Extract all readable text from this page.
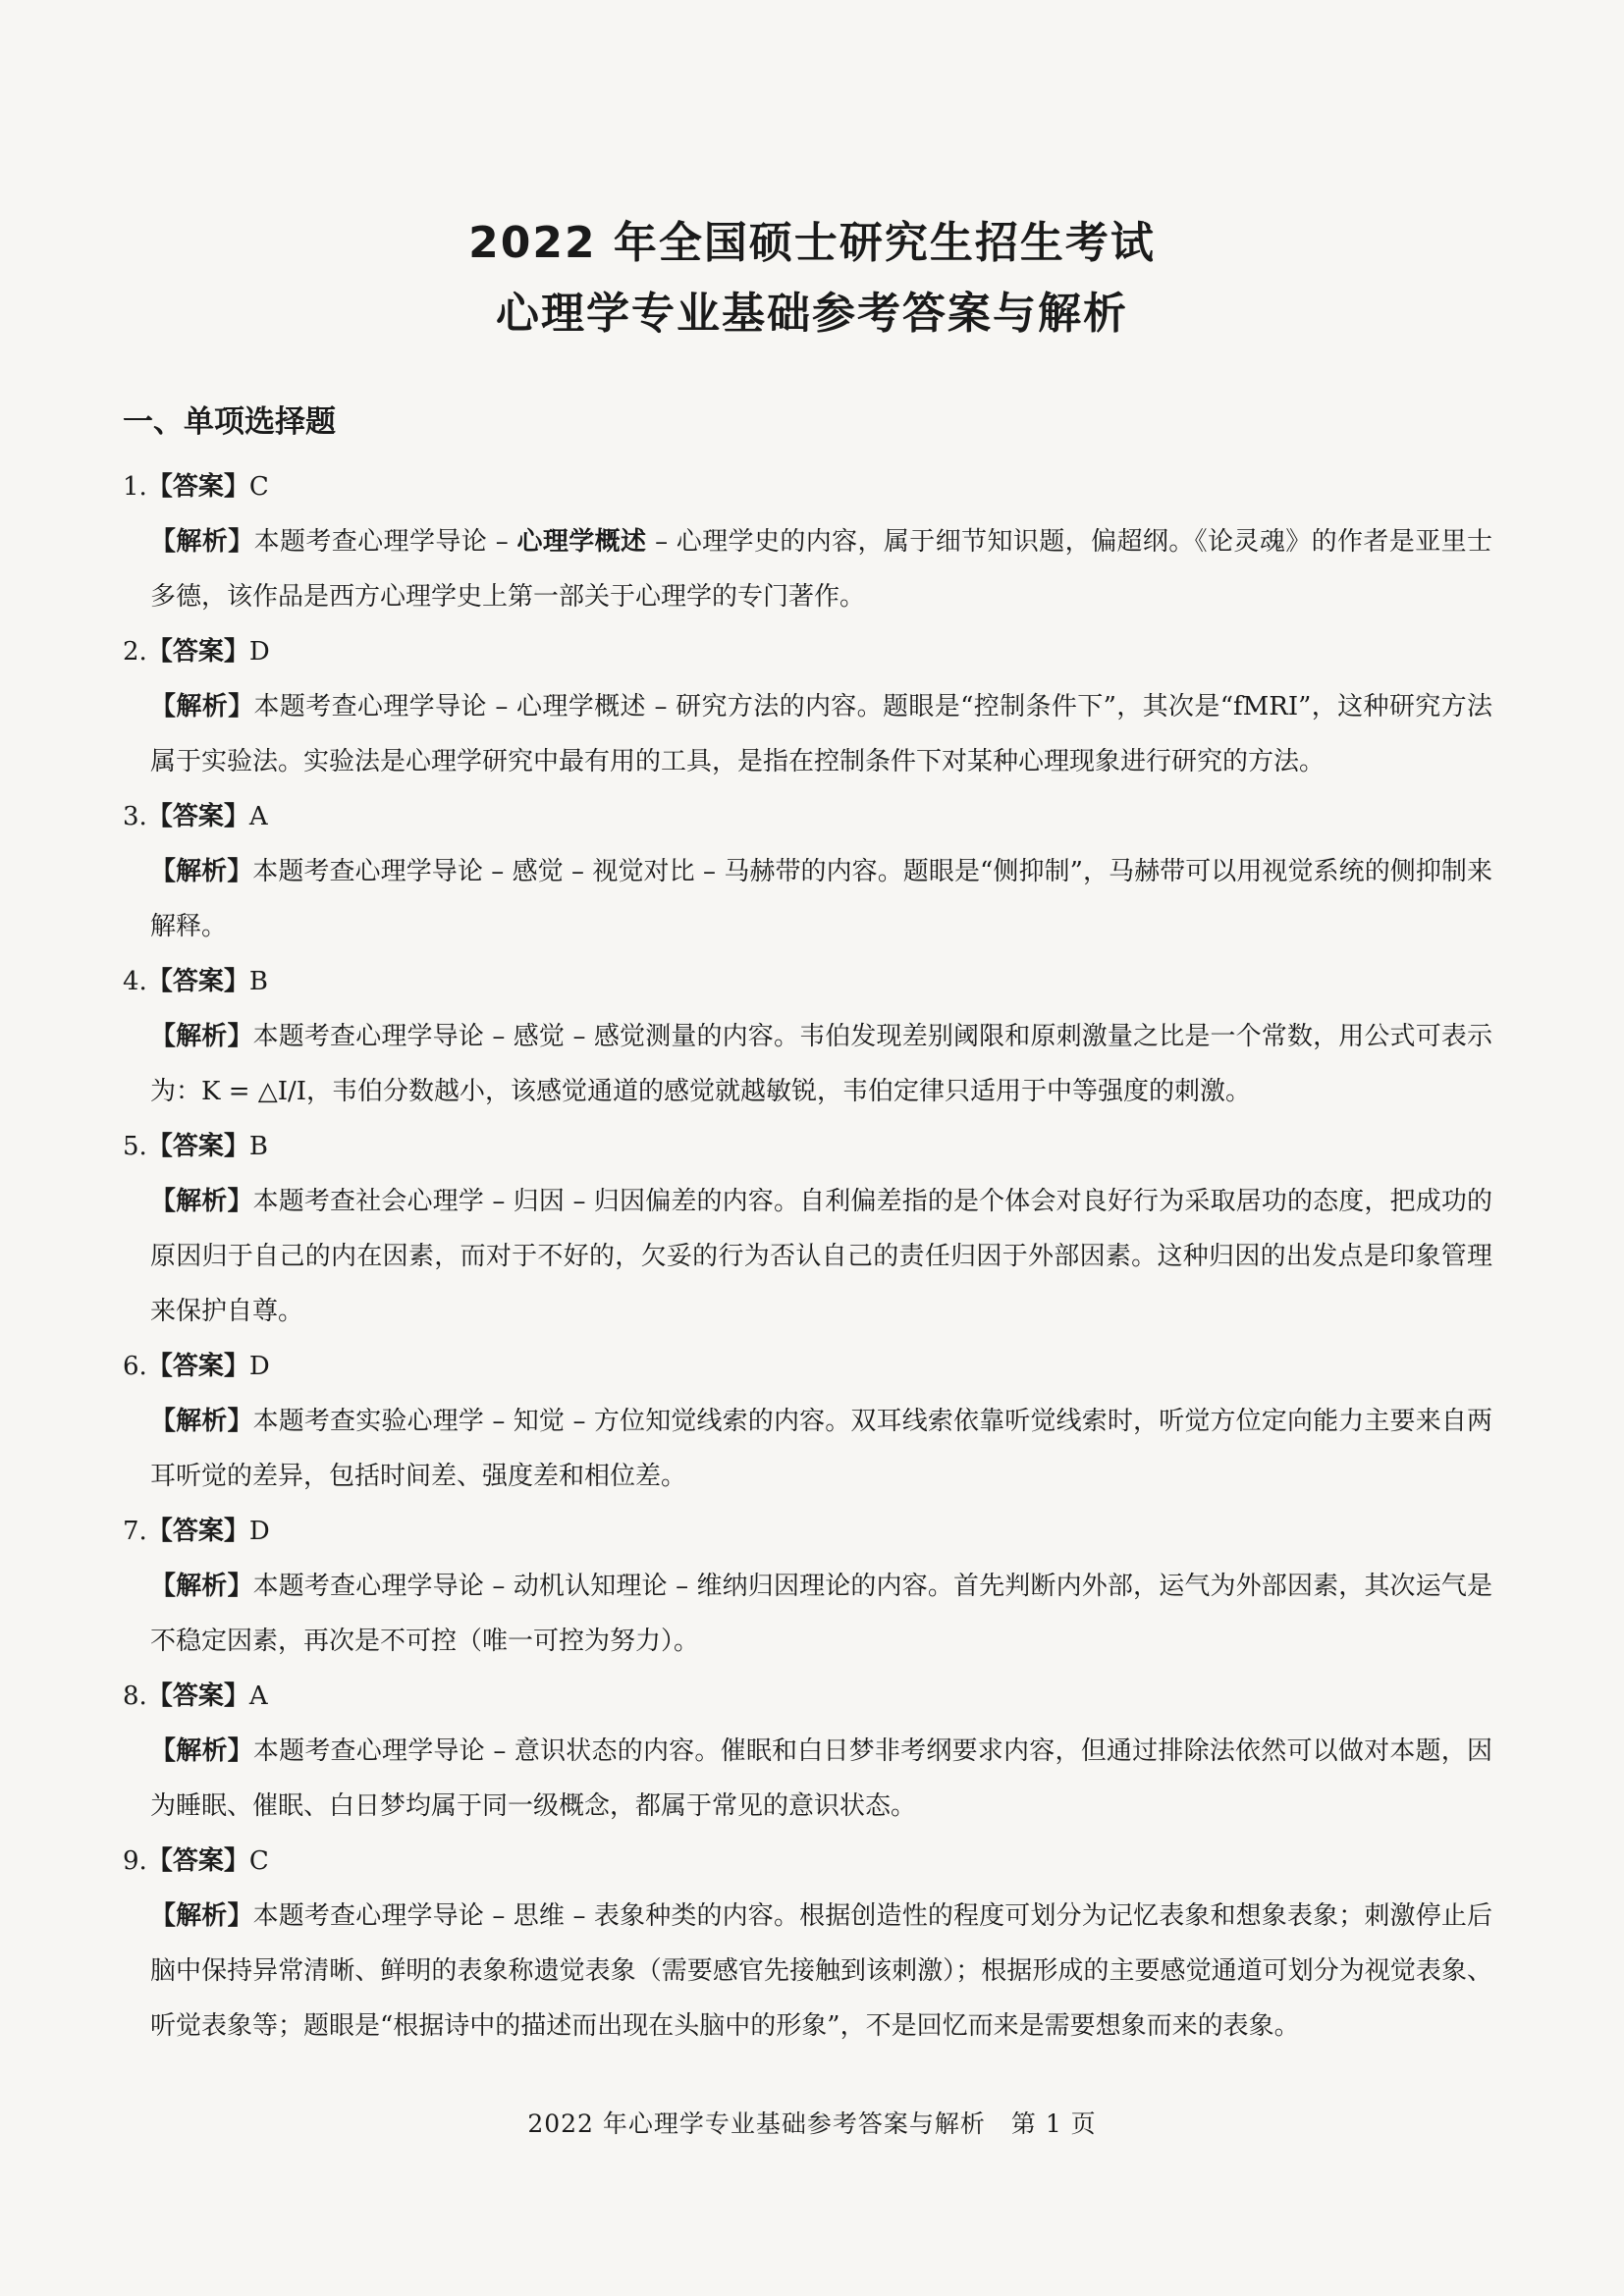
2022 年全国硕士研究生招生考试
心理学专业基础参考答案与解析
一、单项选择题
1.【答案】C
【解析】本题考查心理学导论 – 心理学概述 – 心理学史的内容，属于细节知识题，偏超纲。《论灵魂》的作者是亚里士多德，该作品是西方心理学史上第一部关于心理学的专门著作。
2.【答案】D
【解析】本题考查心理学导论 – 心理学概述 – 研究方法的内容。题眼是“控制条件下”，其次是“fMRI”，这种研究方法属于实验法。实验法是心理学研究中最有用的工具，是指在控制条件下对某种心理现象进行研究的方法。
3.【答案】A
【解析】本题考查心理学导论 – 感觉 – 视觉对比 – 马赫带的内容。题眼是“侧抑制”，马赫带可以用视觉系统的侧抑制来解释。
4.【答案】B
【解析】本题考查心理学导论 – 感觉 – 感觉测量的内容。韦伯发现差别阈限和原刺激量之比是一个常数，用公式可表示为：K = △I/I，韦伯分数越小，该感觉通道的感觉就越敏锐，韦伯定律只适用于中等强度的刺激。
5.【答案】B
【解析】本题考查社会心理学 – 归因 – 归因偏差的内容。自利偏差指的是个体会对良好行为采取居功的态度，把成功的原因归于自己的内在因素，而对于不好的，欠妥的行为否认自己的责任归因于外部因素。这种归因的出发点是印象管理来保护自尊。
6.【答案】D
【解析】本题考查实验心理学 – 知觉 – 方位知觉线索的内容。双耳线索依靠听觉线索时，听觉方位定向能力主要来自两耳听觉的差异，包括时间差、强度差和相位差。
7.【答案】D
【解析】本题考查心理学导论 – 动机认知理论 – 维纳归因理论的内容。首先判断内外部，运气为外部因素，其次运气是不稳定因素，再次是不可控（唯一可控为努力）。
8.【答案】A
【解析】本题考查心理学导论 – 意识状态的内容。催眠和白日梦非考纲要求内容，但通过排除法依然可以做对本题，因为睡眠、催眠、白日梦均属于同一级概念，都属于常见的意识状态。
9.【答案】C
【解析】本题考查心理学导论 – 思维 – 表象种类的内容。根据创造性的程度可划分为记忆表象和想象表象；刺激停止后脑中保持异常清晰、鲜明的表象称遗觉表象（需要感官先接触到该刺激）；根据形成的主要感觉通道可划分为视觉表象、听觉表象等；题眼是“根据诗中的描述而出现在头脑中的形象”，不是回忆而来是需要想象而来的表象。
2022 年心理学专业基础参考答案与解析　第 1 页
